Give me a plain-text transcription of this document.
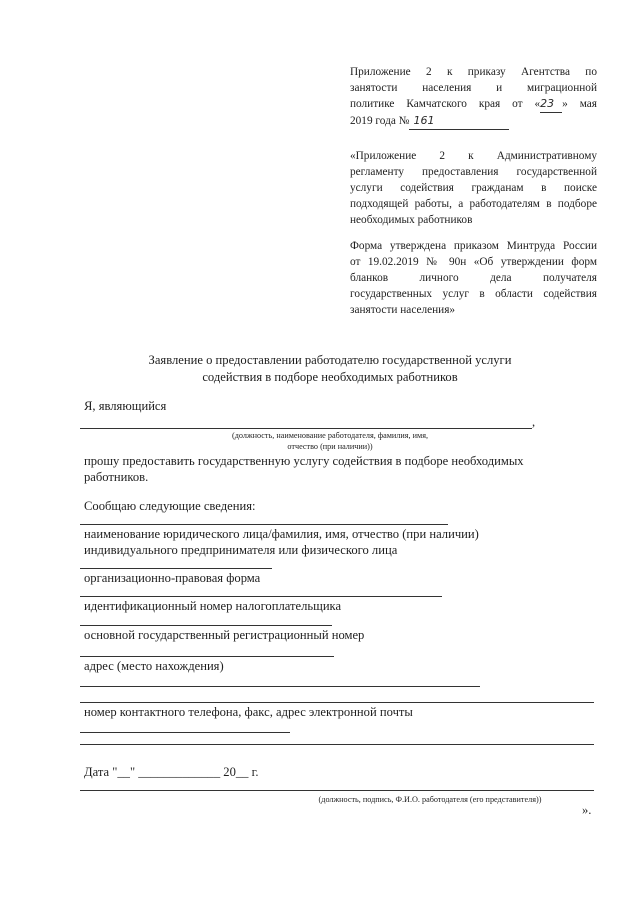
Приложение 2 к приказу Агентства по
занятости населения и миграционной
политике Камчатского края от «23 » мая
2019 года № 161
«Приложение 2 к Административному
регламенту предоставления государственной
услуги содействия гражданам в поиске
подходящей работы, а работодателям в подборе
необходимых работников
Форма утверждена приказом Минтруда России
от 19.02.2019 № 90н «Об утверждении форм
бланков личного дела получателя
государственных услуг в области содействия
занятости населения»
Заявление о предоставлении работодателю государственной услуги
содействия в подборе необходимых работников
Я, являющийся
,
(должность, наименование работодателя, фамилия, имя,
отчество (при наличии))
прошу предоставить государственную услугу содействия в подборе необходимых
работников.
Сообщаю следующие сведения:
наименование юридического лица/фамилия, имя, отчество (при наличии)
индивидуального предпринимателя или физического лица
организационно-правовая форма
идентификационный номер налогоплательщика
основной государственный регистрационный номер
адрес (место нахождения)
номер контактного телефона, факс, адрес электронной почты
Дата "__" _____________ 20__ г.
(должность, подпись, Ф.И.О. работодателя (его представителя))
».
